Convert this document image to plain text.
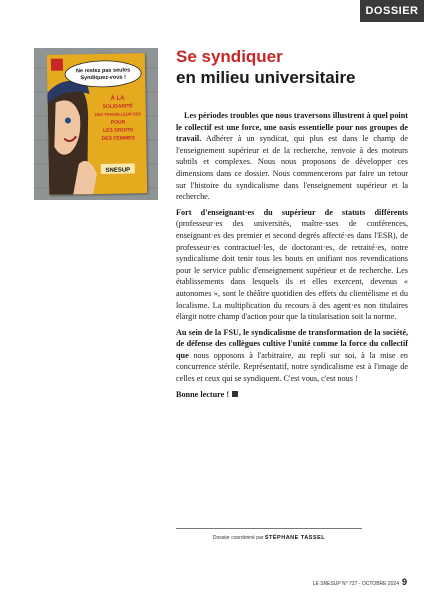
DOSSIER
Ne restez pas seules
Syndiquez-vous !
À LA
SOLIDARITÉ
DES TRAVAILLEUR·SES
POUR
LES DROITS
DES FEMMES
SNESUP
Se syndiquer
en milieu universitaire

Les périodes troubles que nous traversons illustrent à quel point le collectif est une force, une oasis essentielle pour nos groupes de travail. Adhérer à un syndicat, qui plus est dans le champ de l'enseignement supérieur et de la recherche, renvoie à des moteurs subtils et complexes. Nous nous proposons de développer ces dimensions dans ce dossier. Nous commencerons par faire un retour sur l'histoire du syndicalisme dans l'enseignement supérieur et la recherche.

Fort d'enseignant·es du supérieur de statuts différents (professeur·es des universités, maître·sses de conférences, enseignant·es des premier et second degrés affecté·es dans l'ESR), de professeur·es contractuel·les, de doctorant·es, de retraité·es, notre syndicalisme doit tenir tous les bouts en unifiant nos revendications pour le service public d'enseignement supérieur et de recherche. Les établissements dans lesquels ils et elles exercent, devenus « autonomes », sont le théâtre quotidien des effets du clientélisme et du localisme. La multiplication du recours à des agent·es non titulaires élargit notre champ d'action pour que la titularisation soit la norme.

Au sein de la FSU, le syndicalisme de transformation de la société, de défense des collègues cultive l'unité comme la force du collectif que nous opposons à l'arbitraire, au repli sur soi, à la mise en concurrence stérile. Représentatif, notre syndicalisme est à l'image de celles et ceux qui se syndiquent. C'est vous, c'est nous !

Bonne lecture !

Dossier coordonné par STÉPHANE TASSEL
LE SNESUP N° 727 - OCTOBRE 2024 9
